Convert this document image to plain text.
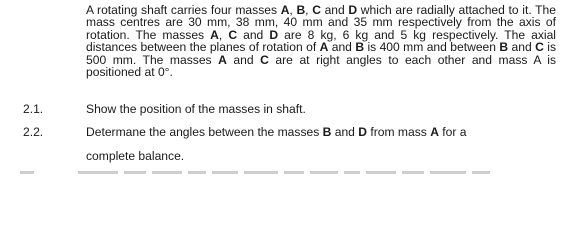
A rotating shaft carries four masses A, B, C and D which are radially attached to it. The mass centres are 30 mm, 38 mm, 40 mm and 35 mm respectively from the axis of rotation. The masses A, C and D are 8 kg, 6 kg and 5 kg respectively. The axial distances between the planes of rotation of A and B is 400 mm and between B and C is 500 mm. The masses A and C are at right angles to each other and mass A is positioned at 0°.

2.1.	Show the position of the masses in shaft.

2.2.	Determane the angles between the masses B and D from mass A for a

complete balance.
